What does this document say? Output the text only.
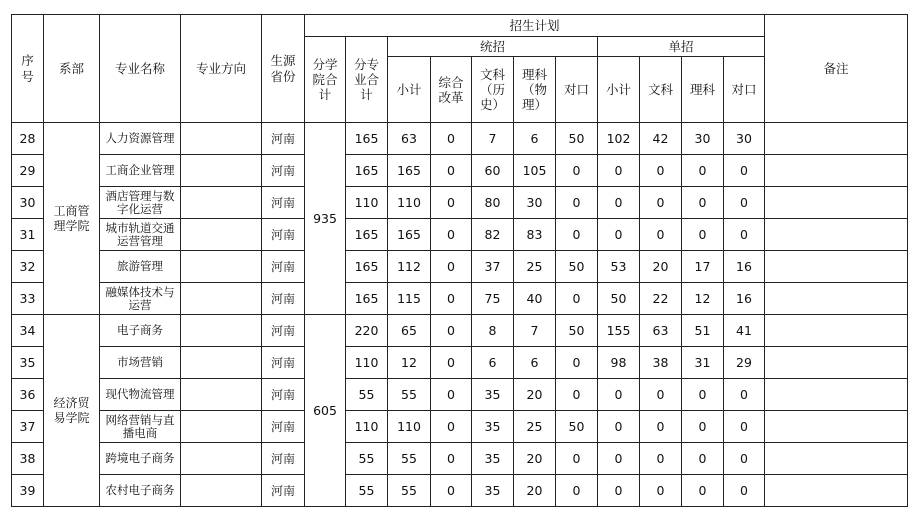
序号	系部	专业名称	专业方向	生源省份	招生计划											备注

					分学院合计	分专业合计	统招					单招				
							小计	综合改革	文科（历史）	理科（物理）	对口	小计	文科	理科	对口	
28	工商管理学院	人力资源管理		河南	935	165	63	0	7	6	50	102	42	30	30	
29		工商企业管理		河南		165	165	0	60	105	0	0	0	0	0	
30		酒店管理与数字化运营		河南		110	110	0	80	30	0	0	0	0	0	
31		城市轨道交通运营管理		河南		165	165	0	82	83	0	0	0	0	0	
32		旅游管理		河南		165	112	0	37	25	50	53	20	17	16	
33		融媒体技术与运营		河南		165	115	0	75	40	0	50	22	12	16	
34	经济贸易学院	电子商务		河南	605	220	65	0	8	7	50	155	63	51	41	
35		市场营销		河南		110	12	0	6	6	0	98	38	31	29	
36		现代物流管理		河南		55	55	0	35	20	0	0	0	0	0	
37		网络营销与直播电商		河南		110	110	0	35	25	50	0	0	0	0	
38		跨境电子商务		河南		55	55	0	35	20	0	0	0	0	0	
39		农村电子商务		河南		55	55	0	35	20	0	0	0	0	0	
